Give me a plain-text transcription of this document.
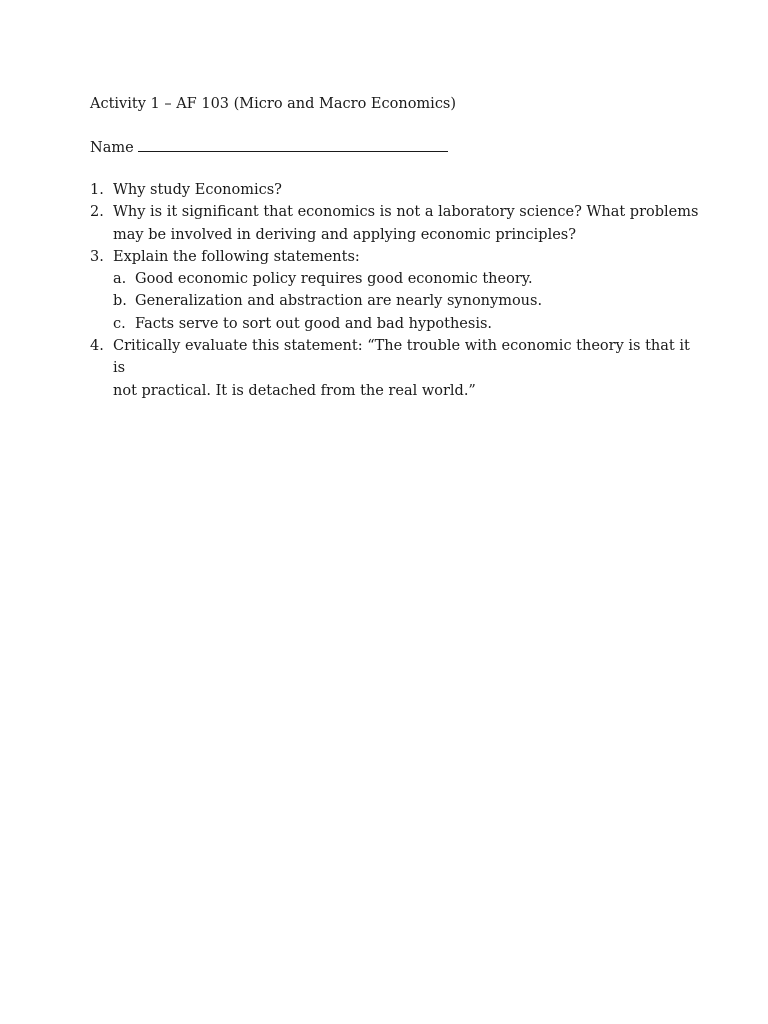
Activity 1 – AF 103 (Micro and Macro Economics)
Name
1. Why study Economics?
2. Why is it significant that economics is not a laboratory science? What problems
may be involved in deriving and applying economic principles?
3. Explain the following statements:
a. Good economic policy requires good economic theory.
b. Generalization and abstraction are nearly synonymous.
c. Facts serve to sort out good and bad hypothesis.
4. Critically evaluate this statement: “The trouble with economic theory is that it is
not practical. It is detached from the real world.”
